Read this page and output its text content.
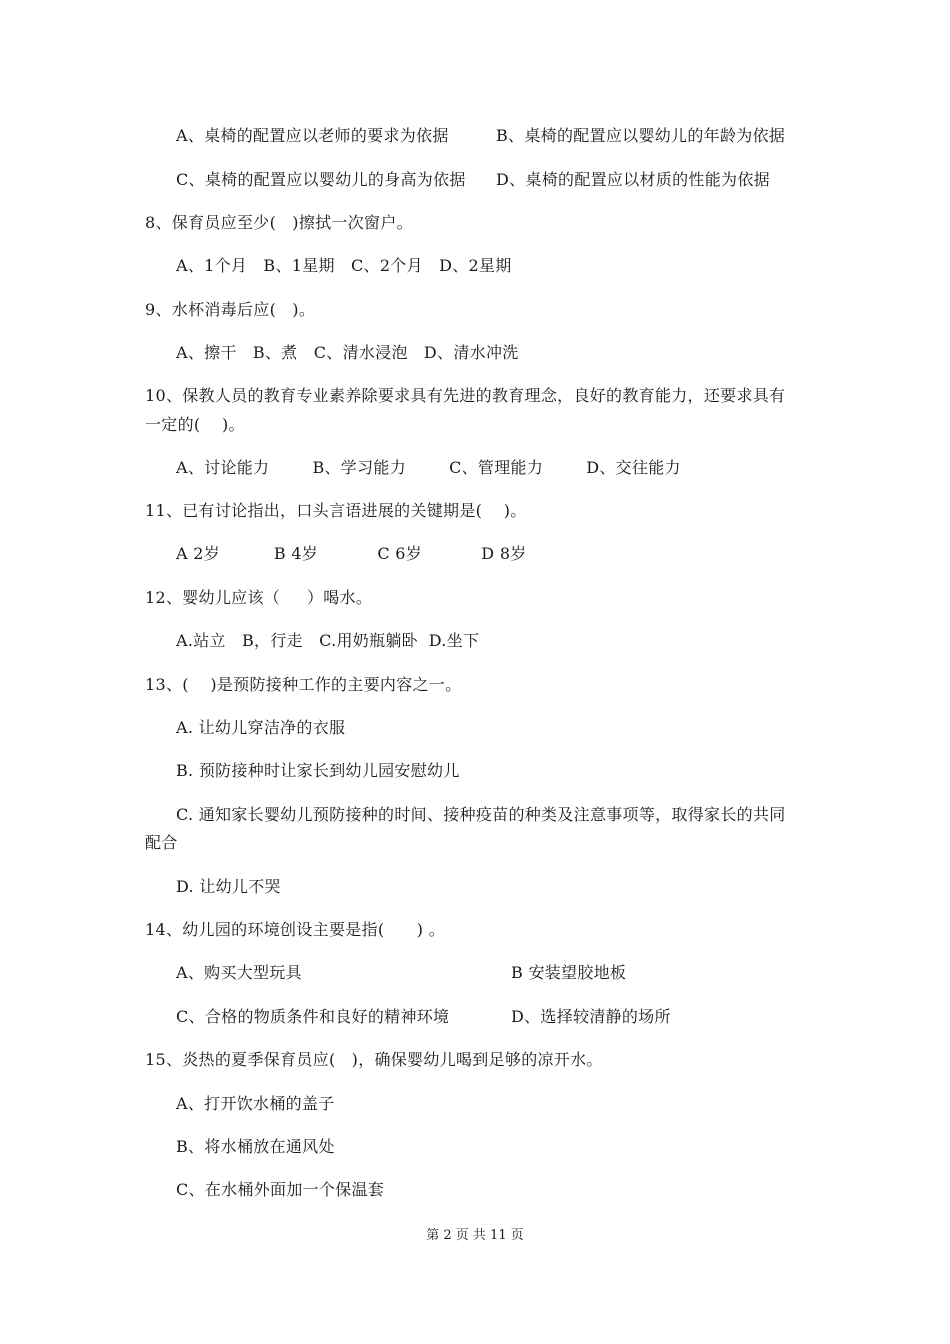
A、桌椅的配置应以老师的要求为依据	B、桌椅的配置应以婴幼儿的年龄为依据
C、桌椅的配置应以婴幼儿的身高为依据 D、桌椅的配置应以材质的性能为依据
8、保育员应至少(   )擦拭一次窗户。
A、1个月   B、1星期   C、2个月   D、2星期
9、水杯消毒后应(   )。
A、擦干   B、煮   C、清水浸泡   D、清水冲洗
10、保教人员的教育专业素养除要求具有先进的教育理念，良好的教育能力，还要求具有
一定的(    )。
A、讨论能力        B、学习能力        C、管理能力        D、交往能力
11、已有讨论指出，口头言语进展的关键期是(    )。
A 2岁          B 4岁           C 6岁           D 8岁
12、婴幼儿应该（     ）喝水。
A.站立   B，行走   C.用奶瓶躺卧  D.坐下
13、(    )是预防接种工作的主要内容之一。
A. 让幼儿穿洁净的衣服
B. 预防接种时让家长到幼儿园安慰幼儿
C. 通知家长婴幼儿预防接种的时间、接种疫苗的种类及注意事项等，取得家长的共同
配合
D. 让幼儿不哭
14、幼儿园的环境创设主要是指(      ) 。
A、购买大型玩具	B 安装望胶地板
C、合格的物质条件和良好的精神环境	D、选择较清静的场所
15、炎热的夏季保育员应(   )，确保婴幼儿喝到足够的凉开水。
A、打开饮水桶的盖子
B、将水桶放在通风处
C、在水桶外面加一个保温套
第 2 页 共 11 页
